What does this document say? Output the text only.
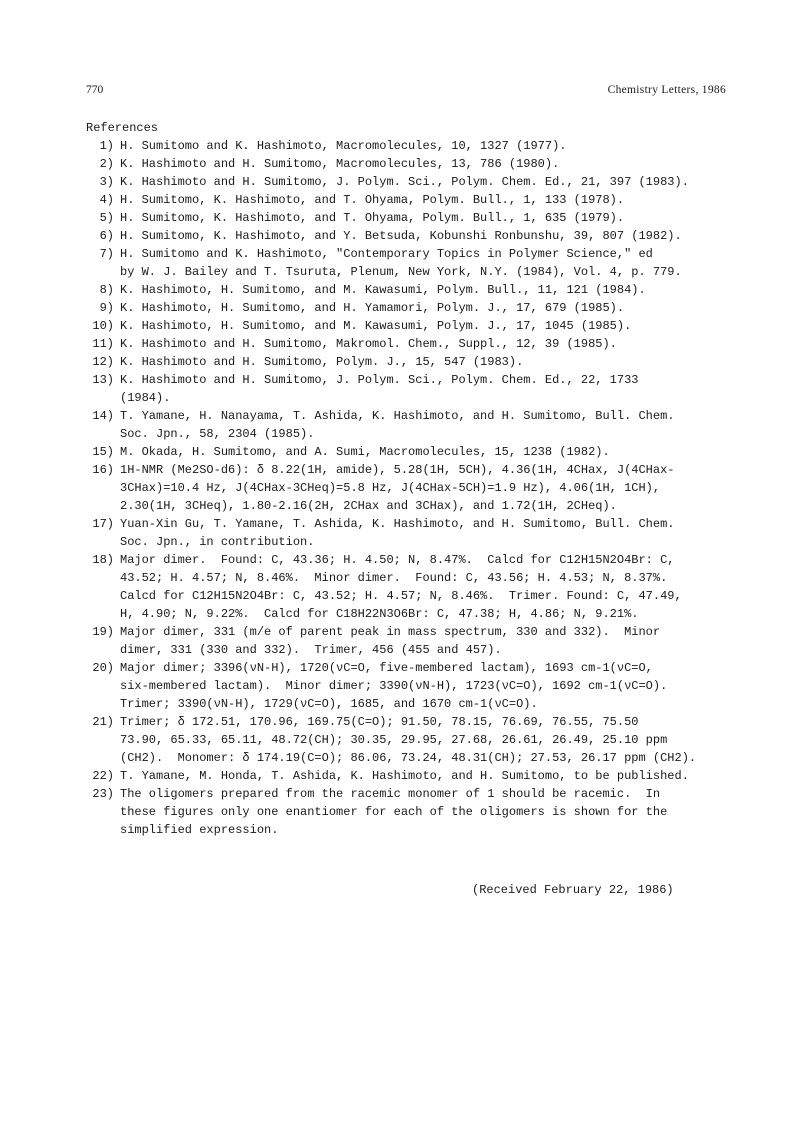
770	Chemistry Letters, 1986
References
1) H. Sumitomo and K. Hashimoto, Macromolecules, 10, 1327 (1977).
2) K. Hashimoto and H. Sumitomo, Macromolecules, 13, 786 (1980).
3) K. Hashimoto and H. Sumitomo, J. Polym. Sci., Polym. Chem. Ed., 21, 397 (1983).
4) H. Sumitomo, K. Hashimoto, and T. Ohyama, Polym. Bull., 1, 133 (1978).
5) H. Sumitomo, K. Hashimoto, and T. Ohyama, Polym. Bull., 1, 635 (1979).
6) H. Sumitomo, K. Hashimoto, and Y. Betsuda, Kobunshi Ronbunshu, 39, 807 (1982).
7) H. Sumitomo and K. Hashimoto, "Contemporary Topics in Polymer Science," ed
by W. J. Bailey and T. Tsuruta, Plenum, New York, N.Y. (1984), Vol. 4, p. 779.
8) K. Hashimoto, H. Sumitomo, and M. Kawasumi, Polym. Bull., 11, 121 (1984).
9) K. Hashimoto, H. Sumitomo, and H. Yamamori, Polym. J., 17, 679 (1985).
10) K. Hashimoto, H. Sumitomo, and M. Kawasumi, Polym. J., 17, 1045 (1985).
11) K. Hashimoto and H. Sumitomo, Makromol. Chem., Suppl., 12, 39 (1985).
12) K. Hashimoto and H. Sumitomo, Polym. J., 15, 547 (1983).
13) K. Hashimoto and H. Sumitomo, J. Polym. Sci., Polym. Chem. Ed., 22, 1733
(1984).
14) T. Yamane, H. Nanayama, T. Ashida, K. Hashimoto, and H. Sumitomo, Bull. Chem.
Soc. Jpn., 58, 2304 (1985).
15) M. Okada, H. Sumitomo, and A. Sumi, Macromolecules, 15, 1238 (1982).
16) 1H-NMR (Me2SO-d6): δ 8.22(1H, amide), 5.28(1H, 5CH), 4.36(1H, 4CHax, J(4CHax-
3CHax)=10.4 Hz, J(4CHax-3CHeq)=5.8 Hz, J(4CHax-5CH)=1.9 Hz), 4.06(1H, 1CH),
2.30(1H, 3CHeq), 1.80-2.16(2H, 2CHax and 3CHax), and 1.72(1H, 2CHeq).
17) Yuan-Xin Gu, T. Yamane, T. Ashida, K. Hashimoto, and H. Sumitomo, Bull. Chem.
Soc. Jpn., in contribution.
18) Major dimer.  Found: C, 43.36; H. 4.50; N, 8.47%.  Calcd for C12H15N2O4Br: C,
43.52; H. 4.57; N, 8.46%.  Minor dimer.  Found: C, 43.56; H. 4.53; N, 8.37%.
Calcd for C12H15N2O4Br: C, 43.52; H. 4.57; N, 8.46%.  Trimer. Found: C, 47.49,
H, 4.90; N, 9.22%.  Calcd for C18H22N3O6Br: C, 47.38; H, 4.86; N, 9.21%.
19) Major dimer, 331 (m/e of parent peak in mass spectrum, 330 and 332).  Minor
dimer, 331 (330 and 332).  Trimer, 456 (455 and 457).
20) Major dimer; 3396(νN-H), 1720(νC=O, five-membered lactam), 1693 cm-1(νC=O,
six-membered lactam).  Minor dimer; 3390(νN-H), 1723(νC=O), 1692 cm-1(νC=O).
Trimer; 3390(νN-H), 1729(νC=O), 1685, and 1670 cm-1(νC=O).
21) Trimer; δ 172.51, 170.96, 169.75(C=O); 91.50, 78.15, 76.69, 76.55, 75.50
73.90, 65.33, 65.11, 48.72(CH); 30.35, 29.95, 27.68, 26.61, 26.49, 25.10 ppm
(CH2).  Monomer: δ 174.19(C=O); 86.06, 73.24, 48.31(CH); 27.53, 26.17 ppm (CH2).
22) T. Yamane, M. Honda, T. Ashida, K. Hashimoto, and H. Sumitomo, to be published.
23) The oligomers prepared from the racemic monomer of 1 should be racemic.  In
these figures only one enantiomer for each of the oligomers is shown for the
simplified expression.
(Received February 22, 1986)
